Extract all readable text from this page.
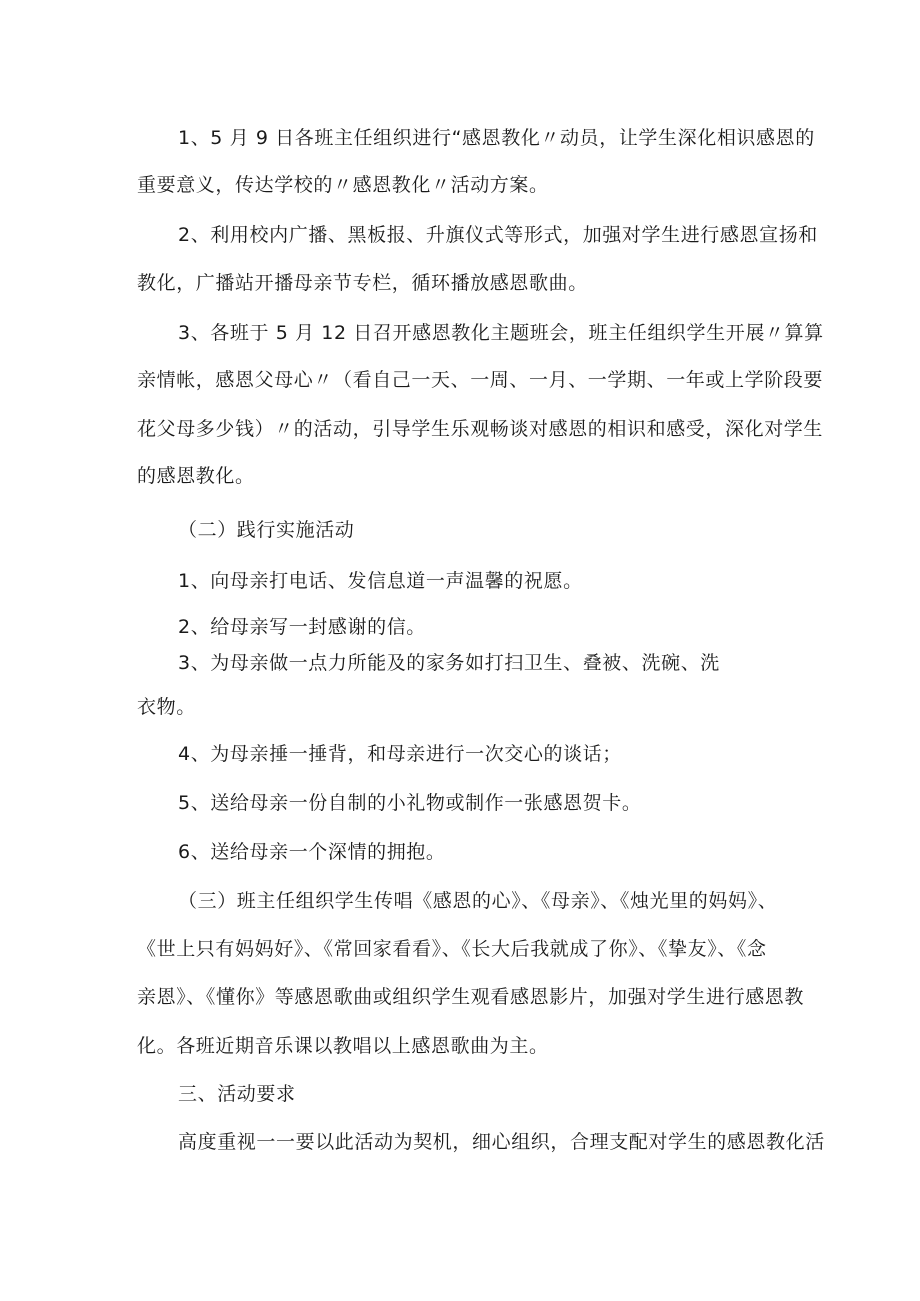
1、5 月 9 日各班主任组织进行“感恩教化〃动员，让学生深化相识感恩的
重要意义，传达学校的〃感恩教化〃活动方案。
2、利用校内广播、黑板报、升旗仪式等形式，加强对学生进行感恩宣扬和
教化，广播站开播母亲节专栏，循环播放感恩歌曲。
3、各班于 5 月 12 日召开感恩教化主题班会，班主任组织学生开展〃算算
亲情帐，感恩父母心〃（看自己一天、一周、一月、一学期、一年或上学阶段要
花父母多少钱）〃的活动，引导学生乐观畅谈对感恩的相识和感受，深化对学生
的感恩教化。
（二）践行实施活动
1、向母亲打电话、发信息道一声温馨的祝愿。
2、给母亲写一封感谢的信。
3、为母亲做一点力所能及的家务如打扫卫生、叠被、洗碗、洗
衣物。
4、为母亲捶一捶背，和母亲进行一次交心的谈话；
5、送给母亲一份自制的小礼物或制作一张感恩贺卡。
6、送给母亲一个深情的拥抱。
（三）班主任组织学生传唱《感恩的心》、《母亲》、《烛光里的妈妈》、
《世上只有妈妈好》、《常回家看看》、《长大后我就成了你》、《挚友》、《念
亲恩》、《懂你》等感恩歌曲或组织学生观看感恩影片，加强对学生进行感恩教
化。各班近期音乐课以教唱以上感恩歌曲为主。
三、活动要求
高度重视一一要以此活动为契机，细心组织，合理支配对学生的感恩教化活
